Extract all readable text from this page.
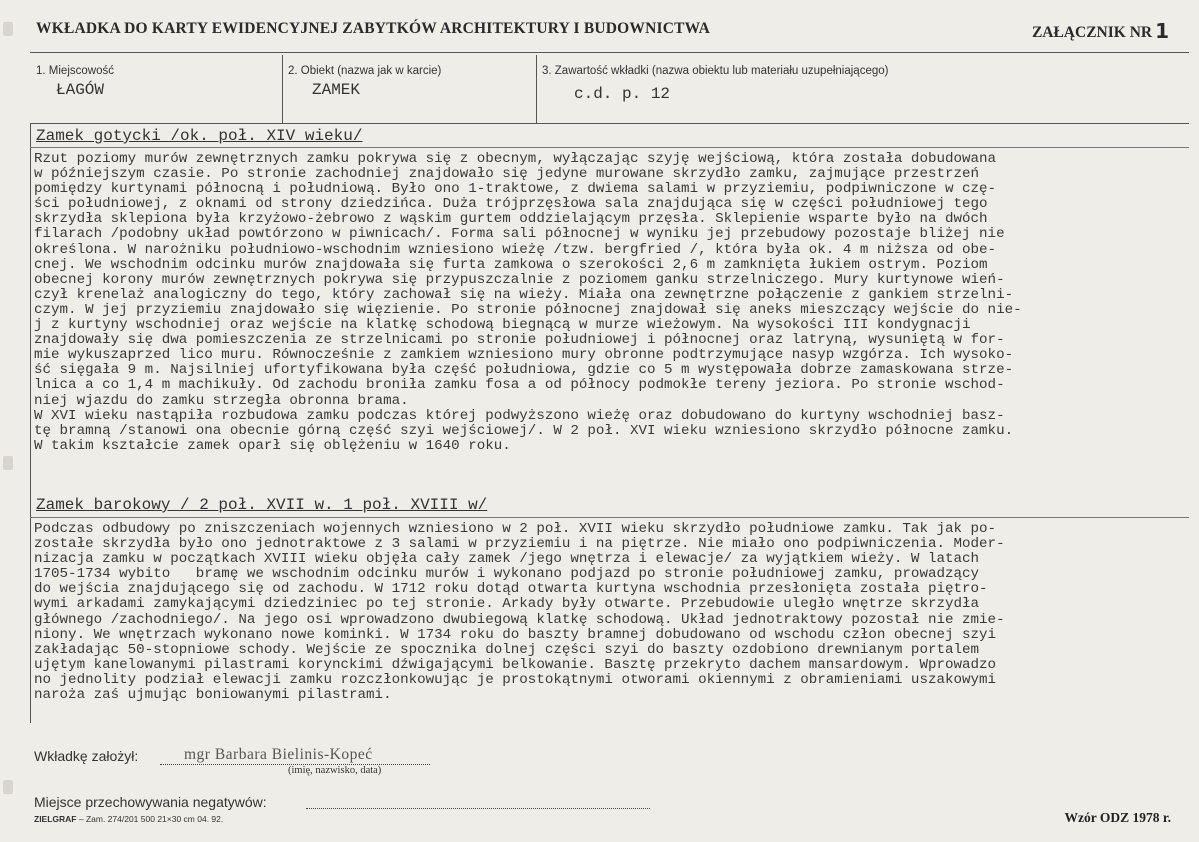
WKŁADKA DO KARTY EWIDENCYJNEJ ZABYTKÓW ARCHITEKTURY I BUDOWNICTWA	ZAŁĄCZNIK NR 1
1. Miejscowość
ŁAGÓW
2. Obiekt (nazwa jak w karcie)
ZAMEK
3. Zawartość wkładki (nazwa obiektu lub materiału uzupełniającego)
c.d. p. 12
Zamek gotycki /ok. poł. XIV wieku/
Rzut poziomy murów zewnętrznych zamku pokrywa się z obecnym, wyłączając szyję wejściową, która została dobudowana
w późniejszym czasie. Po stronie zachodniej znajdowało się jedyne murowane skrzydło zamku, zajmujące przestrzeń
pomiędzy kurtynami północną i południową. Było ono 1-traktowe, z dwiema salami w przyziemiu, podpiwniczone w czę-
ści południowej, z oknami od strony dziedzińca. Duża trójprzęsłowa sala znajdująca się w części południowej tego
skrzydła sklepiona była krzyżowo-żebrowo z wąskim gurtem oddzielającym przęsła. Sklepienie wsparte było na dwóch
filarach /podobny układ powtórzono w piwnicach/. Forma sali północnej w wyniku jej przebudowy pozostaje bliżej nie
określona. W narożniku południowo-wschodnim wzniesiono wieżę /tzw. bergfried /, która była ok. 4 m niższa od obe-
cnej. We wschodnim odcinku murów znajdowała się furta zamkowa o szerokości 2,6 m zamknięta łukiem ostrym. Poziom
obecnej korony murów zewnętrznych pokrywa się przypuszczalnie z poziomem ganku strzelniczego. Mury kurtynowe wień-
czył krenelaż analogiczny do tego, który zachował się na wieży. Miała ona zewnętrzne połączenie z gankiem strzelni-
czym. W jej przyziemiu znajdowało się więzienie. Po stronie północnej znajdował się aneks mieszczący wejście do nie-
j z kurtyny wschodniej oraz wejście na klatkę schodową biegnącą w murze wieżowym. Na wysokości III kondygnacji
znajdowały się dwa pomieszczenia ze strzelnicami po stronie południowej i północnej oraz latryną, wysuniętą w for-
mie wykuszaprzed lico muru. Równocześnie z zamkiem wzniesiono mury obronne podtrzymujące nasyp wzgórza. Ich wysoko-
ść sięgała 9 m. Najsilniej ufortyfikowana była część południowa, gdzie co 5 m występowała dobrze zamaskowana strze-
lnica a co 1,4 m machikuły. Od zachodu broniła zamku fosa a od północy podmokłe tereny jeziora. Po stronie wschod-
niej wjazdu do zamku strzegła obronna brama.
W XVI wieku nastąpiła rozbudowa zamku podczas której podwyższono wieżę oraz dobudowano do kurtyny wschodniej basz-
tę bramną /stanowi ona obecnie górną część szyi wejściowej/. W 2 poł. XVI wieku wzniesiono skrzydło północne zamku.
W takim kształcie zamek oparł się oblężeniu w 1640 roku.
Zamek barokowy / 2 poł. XVII w. 1 poł. XVIII w/
Podczas odbudowy po zniszczeniach wojennych wzniesiono w 2 poł. XVII wieku skrzydło południowe zamku. Tak jak po-
zostałe skrzydła było ono jednotraktowe z 3 salami w przyziemiu i na piętrze. Nie miało ono podpiwniczenia. Moder-
nizacja zamku w początkach XVIII wieku objęła cały zamek /jego wnętrza i elewacje/ za wyjątkiem wieży. W latach
1705-1734 wybito   bramę we wschodnim odcinku murów i wykonano podjazd po stronie południowej zamku, prowadzący
do wejścia znajdującego się od zachodu. W 1712 roku dotąd otwarta kurtyna wschodnia przesłonięta została piętro-
wymi arkadami zamykającymi dziedziniec po tej stronie. Arkady były otwarte. Przebudowie uległo wnętrze skrzydła
głównego /zachodniego/. Na jego osi wprowadzono dwubiegową klatkę schodową. Układ jednotraktowy pozostał nie zmie-
niony. We wnętrzach wykonano nowe kominki. W 1734 roku do baszty bramnej dobudowano od wschodu człon obecnej szyi
zakładając 50-stopniowe schody. Wejście ze spocznika dolnej części szyi do baszty ozdobiono drewnianym portalem
ujętym kanelowanymi pilastrami korynckimi dźwigającymi belkowanie. Basztę przekryto dachem mansardowym. Wprowadzo
no jednolity podział elewacji zamku rozczłonkowując je prostokątnymi otworami okiennymi z obramieniami uszakowymi
naroża zaś ujmując boniowanymi pilastrami.
Wkładkę założył:	mgr Barbara Bielinis-Kopeć
(imię, nazwisko, data)
Miejsce przechowywania negatywów:
ZIELGRAF – Zam. 274/201 500 21×30 cm 04. 92.	Wzór ODZ 1978 r.
